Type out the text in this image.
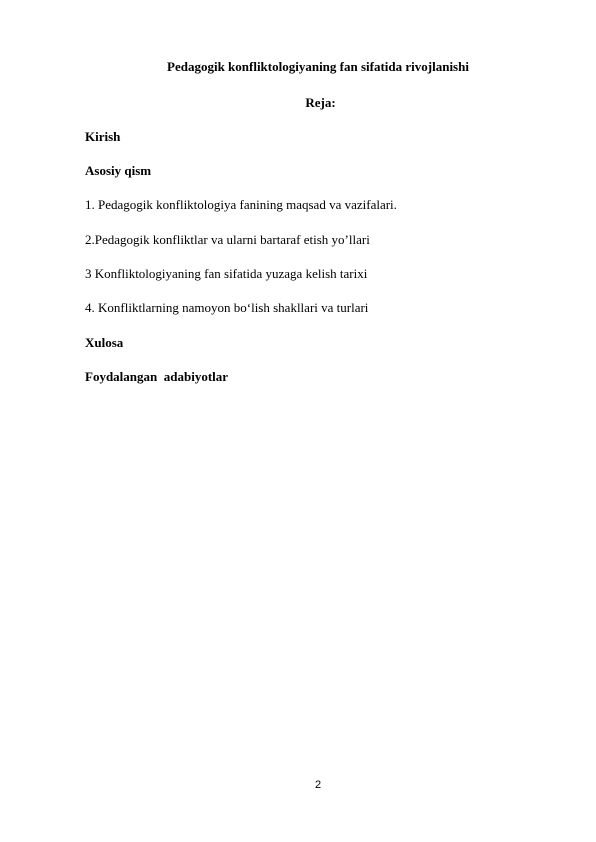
Pedagogik konfliktologiyaning fan sifatida rivojlanishi
Reja:
Kirish
Asosiy qism
1. Pedagogik konfliktologiya fanining maqsad va vazifalari.
2.Pedagogik konfliktlar va ularni bartaraf etish yo’llari
3 Konfliktologiyaning fan sifatida yuzaga kelish tarixi
4. Konfliktlarning namoyon bo‘lish shakllari va turlari
Xulosa
Foydalangan  adabiyotlar
2
